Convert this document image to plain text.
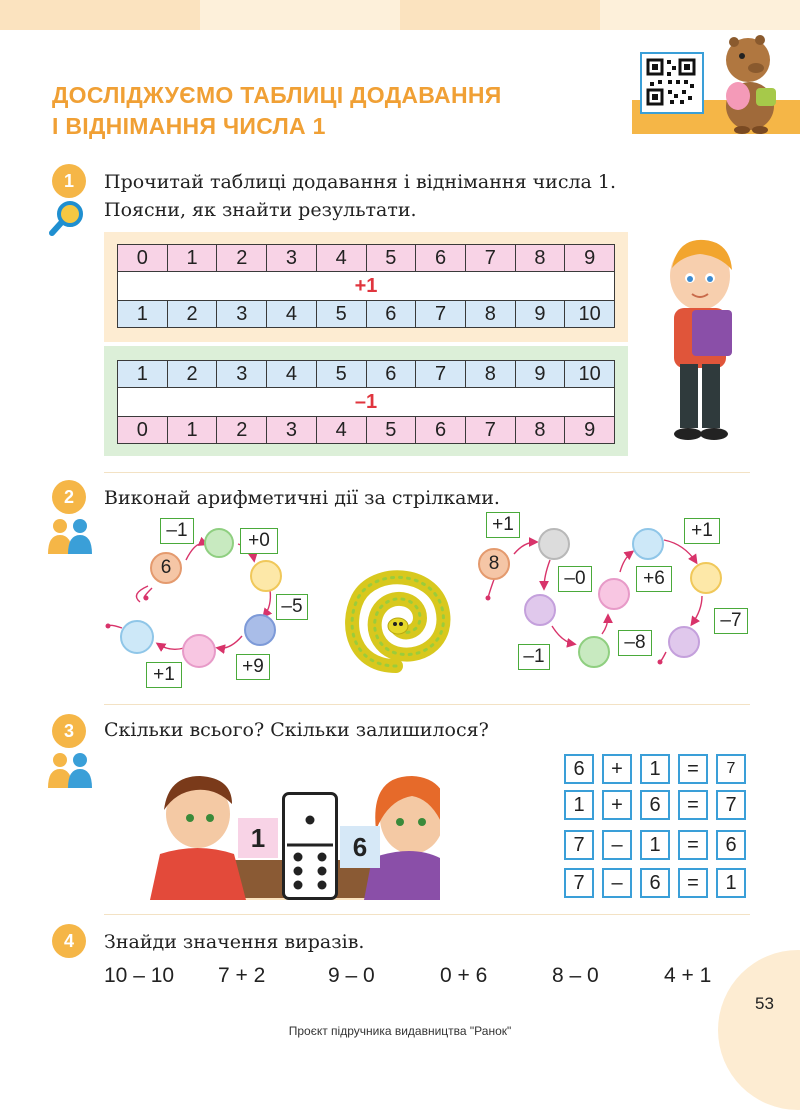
ДОСЛІДЖУЄМО ТАБЛИЦІ ДОДАВАННЯ
І ВІДНІМАННЯ ЧИСЛА 1
1	Прочитай таблиці додавання і віднімання числа 1.
Поясни, як знайти результати.
0	1	2	3	4	5	6	7	8	9
+1
1	2	3	4	5	6	7	8	9	10
1	2	3	4	5	6	7	8	9	10
–1
0	1	2	3	4	5	6	7	8	9
2	Виконай арифметичні дії за стрілками.
6
–1	+0
–5
+9
+1
8
+1
–0	+6
+1
–7
–8
–1
3	Скільки всього? Скільки залишилося?
1	6
6	+	1	=	7
1	+	6	=	7
7	–	1	=	6
7	–	6	=	1
4	Знайди значення виразів.
10 – 10 7 + 2	9 – 0	0 + 6	8 – 0	4 + 1
53
Проєкт підручника видавництва "Ранок"
